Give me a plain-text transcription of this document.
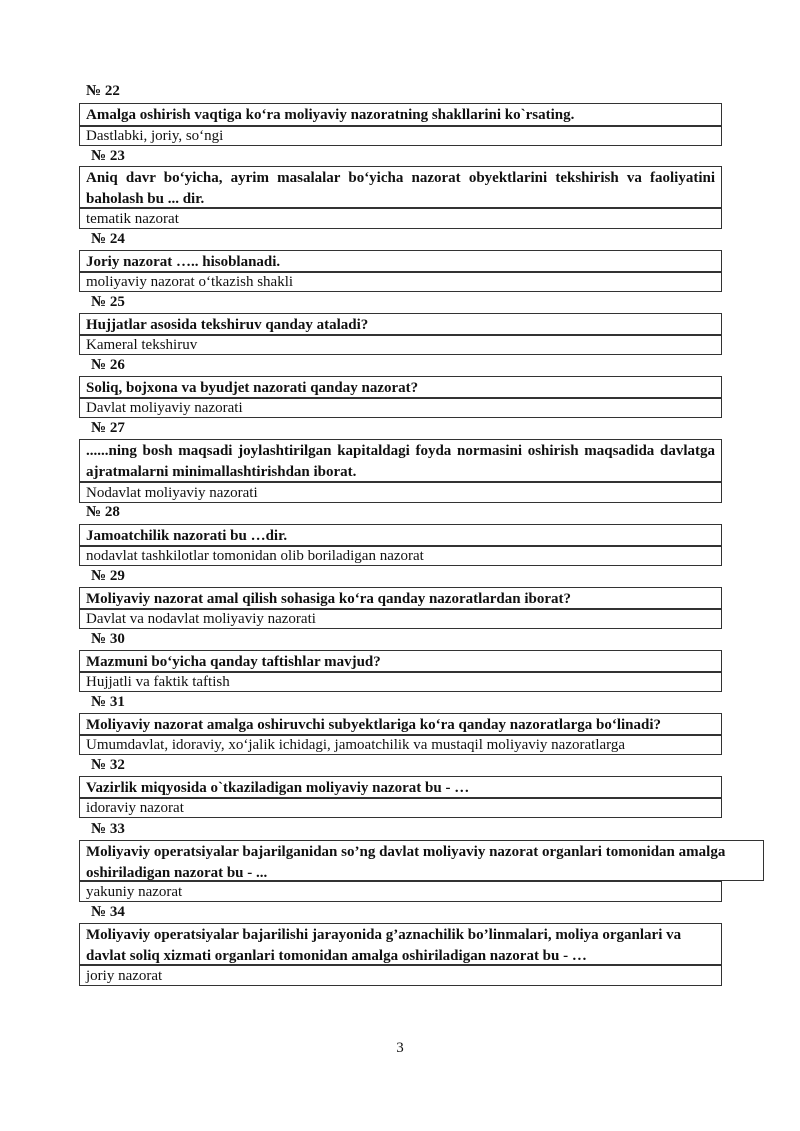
№ 22
Amalga oshirish vaqtiga ko‘ra moliyaviy nazoratning shakllarini ko`rsating.
Dastlabki, joriy, so‘ngi
№ 23
Aniq davr bo‘yicha, ayrim masalalar bo‘yicha nazorat obyektlarini tekshirish va faoliyatini baholash bu ... dir.
tematik nazorat
№ 24
Joriy nazorat ….. hisoblanadi.
moliyaviy nazorat o‘tkazish shakli
№ 25
Hujjatlar asosida tekshiruv qanday ataladi?
Kameral tekshiruv
№ 26
Soliq, bojxona va byudjet nazorati qanday nazorat?
Davlat moliyaviy nazorati
№ 27
......ning bosh maqsadi joylashtirilgan kapitaldagi foyda normasini oshirish maqsadida davlatga ajratmalarni minimallashtirishdan iborat.
Nodavlat moliyaviy nazorati
№ 28
Jamoatchilik nazorati bu …dir.
nodavlat tashkilotlar tomonidan olib boriladigan nazorat
№ 29
Moliyaviy nazorat amal qilish sohasiga ko‘ra qanday nazoratlardan iborat?
Davlat va nodavlat moliyaviy nazorati
№ 30
Mazmuni bo‘yicha qanday taftishlar mavjud?
Hujjatli va faktik taftish
№ 31
Moliyaviy nazorat amalga oshiruvchi subyektlariga ko‘ra qanday nazoratlarga bo‘linadi?
Umumdavlat, idoraviy, xo‘jalik ichidagi, jamoatchilik va mustaqil moliyaviy nazoratlarga
№ 32
Vazirlik miqyosida o`tkaziladigan moliyaviy nazorat bu - …
idoraviy nazorat
№ 33
Moliyaviy operatsiyalar bajarilganidan so’ng davlat moliyaviy nazorat organlari tomonidan amalga oshiriladigan nazorat bu - ...
yakuniy nazorat
№ 34
Moliyaviy operatsiyalar bajarilishi jarayonida g’aznachilik bo’linmalari, moliya organlari va davlat soliq xizmati organlari tomonidan amalga oshiriladigan nazorat bu - …
joriy nazorat
3
